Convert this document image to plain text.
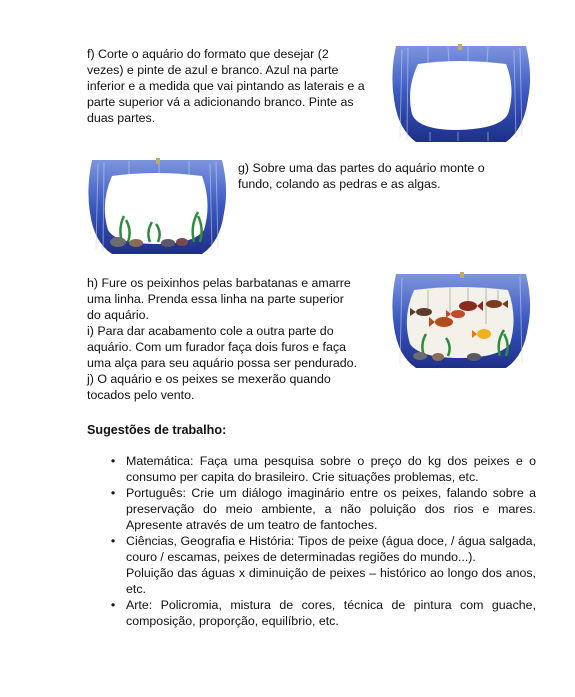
f) Corte o aquário do formato que desejar (2
vezes) e pinte de azul e branco. Azul na parte
inferior e a medida que vai pintando as laterais e a
parte superior vá a adicionando branco. Pinte as
duas partes.
g) Sobre uma das partes do aquário monte o
fundo, colando as pedras e as algas.
h) Fure os peixinhos pelas barbatanas e amarre
uma linha. Prenda essa linha na parte superior
do aquário.
i) Para dar acabamento cole a outra parte do
aquário. Com um furador faça dois furos e faça
uma alça para seu aquário possa ser pendurado.
j) O aquário e os peixes se mexerão quando
tocados pelo vento.
Sugestões de trabalho:
• Matemática: Faça uma pesquisa sobre o preço do kg dos peixes e o consumo per capita do brasileiro. Crie situações problemas, etc.

• Português: Crie um diálogo imaginário entre os peixes, falando sobre a preservação do meio ambiente, a não poluição dos rios e mares. Apresente através de um teatro de fantoches.

• Ciências, Geografia e História: Tipos de peixe (água doce, / água salgada, couro / escamas, peixes de determinadas regiões do mundo...).

Poluição das águas x diminuição de peixes – histórico ao longo dos anos, etc.

• Arte: Policromia, mistura de cores, técnica de pintura com guache, composição, proporção, equilíbrio, etc.
